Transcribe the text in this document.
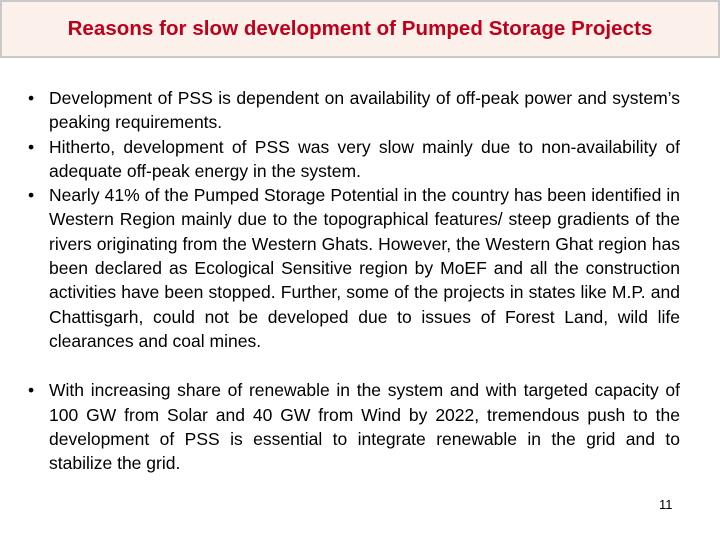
Reasons for slow development of Pumped Storage Projects
• Development of PSS is dependent on availability of off-peak power and system’s peaking requirements.
• Hitherto, development of PSS was very slow mainly due to non-availability of adequate off-peak energy in the system.
• Nearly 41% of the Pumped Storage Potential in the country has been identified in Western Region mainly due to the topographical features/ steep gradients of the rivers originating from the Western Ghats. However, the Western Ghat region has been declared as Ecological Sensitive region by MoEF and all the construction activities have been stopped. Further, some of the projects in states like M.P. and Chattisgarh, could not be developed due to issues of Forest Land, wild life clearances and coal mines.
• With increasing share of renewable in the system and with targeted capacity of 100 GW from Solar and 40 GW from Wind by 2022, tremendous push to the development of PSS is essential to integrate renewable in the grid and to stabilize the grid.
11
